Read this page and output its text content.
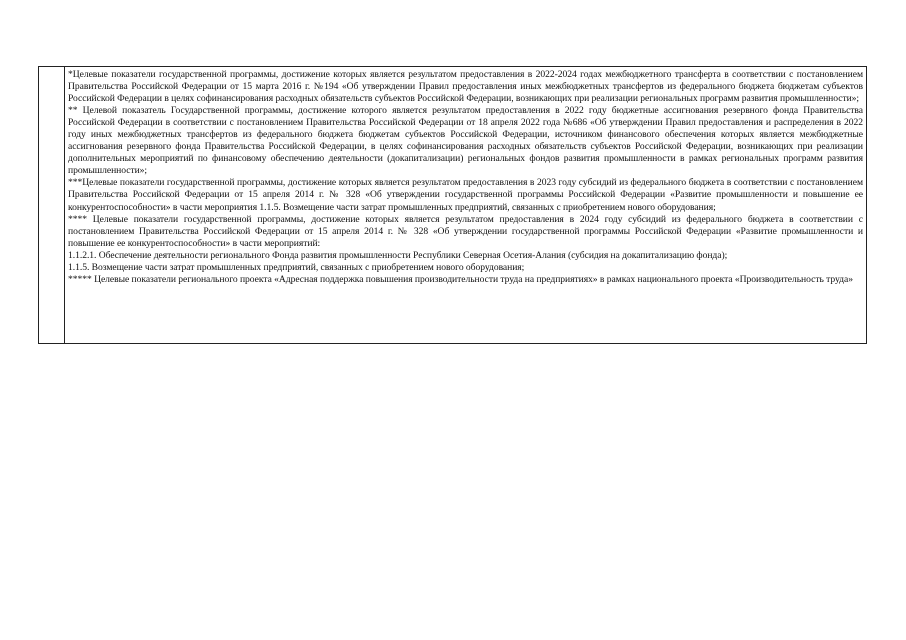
*Целевые показатели государственной программы, достижение которых является результатом предоставления в 2022-2024 годах межбюджетного трансферта в соответствии с постановлением Правительства Российской Федерации от 15 марта 2016 г. №194 «Об утверждении Правил предоставления иных межбюджетных трансфертов из федерального бюджета бюджетам субъектов Российской Федерации в целях софинансирования расходных обязательств субъектов Российской Федерации, возникающих при реализации региональных программ развития промышленности»;

** Целевой показатель Государственной программы, достижение которого является результатом предоставления в 2022 году бюджетные ассигнования резервного фонда Правительства Российской Федерации в соответствии с постановлением Правительства Российской Федерации от 18 апреля 2022 года №686 «Об утверждении Правил предоставления и распределения в 2022 году иных межбюджетных трансфертов из федерального бюджета бюджетам субъектов Российской Федерации, источником финансового обеспечения которых является межбюджетные ассигнования резервного фонда Правительства Российской Федерации, в целях софинансирования расходных обязательств субъектов Российской Федерации, возникающих при реализации дополнительных мероприятий по финансовому обеспечению деятельности (докапитализации) региональных фондов развития промышленности в рамках региональных программ развития промышленности»;

***Целевые показатели государственной программы, достижение которых является результатом предоставления в 2023 году субсидий из федерального бюджета в соответствии с постановлением Правительства Российской Федерации от 15 апреля 2014 г. № 328 «Об утверждении государственной программы Российской Федерации «Развитие промышленности и повышение ее конкурентоспособности» в части мероприятия 1.1.5. Возмещение части затрат промышленных предприятий, связанных с приобретением нового оборудования;

**** Целевые показатели государственной программы, достижение которых является результатом предоставления в 2024 году субсидий из федерального бюджета в соответствии с постановлением Правительства Российской Федерации от 15 апреля 2014 г. № 328 «Об утверждении государственной программы Российской Федерации «Развитие промышленности и повышение ее конкурентоспособности» в части мероприятий:

1.1.2.1. Обеспечение деятельности регионального Фонда развития промышленности Республики Северная Осетия-Алания (субсидия на докапитализацию фонда);

1.1.5. Возмещение части затрат промышленных предприятий, связанных с приобретением нового оборудования;

***** Целевые показатели регионального проекта «Адресная поддержка повышения производительности труда на предприятиях» в рамках национального проекта «Производительность труда»
